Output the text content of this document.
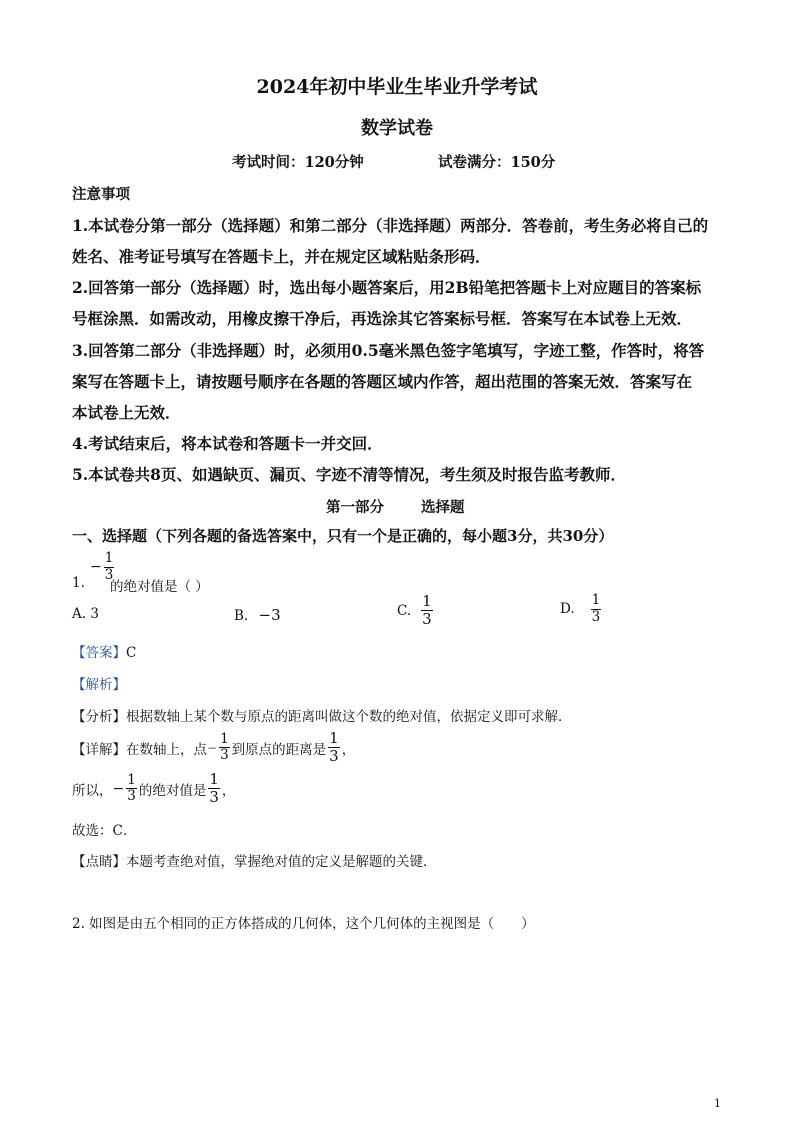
2024年初中毕业生毕业升学考试
数学试卷
考试时间：120分钟	试卷满分：150分
注意事项
1.本试卷分第一部分（选择题）和第二部分（非选择题）两部分．答卷前，考生务必将自己的
姓名、准考证号填写在答题卡上，并在规定区域粘贴条形码．
2.回答第一部分（选择题）时，选出每小题答案后，用2B铅笔把答题卡上对应题目的答案标
号框涂黑．如需改动，用橡皮擦干净后，再选涂其它答案标号框．答案写在本试卷上无效．
3.回答第二部分（非选择题）时，必须用0.5毫米黑色签字笔填写，字迹工整，作答时，将答
案写在答题卡上，请按题号顺序在各题的答题区域内作答，超出范围的答案无效．答案写在
本试卷上无效．
4.考试结束后，将本试卷和答题卡一并交回．
5.本试卷共8页、如遇缺页、漏页、字迹不清等情况，考生须及时报告监考教师．
第一部分	选择题
一、选择题（下列各题的备选答案中，只有一个是正确的，每小题3分，共30分）
1.
− $\frac{1}{3}$
的绝对值是（ ）
A. 3	B. −3	C. $\frac{1}{3}$	D. $\frac{1}{3}$
【答案】C
【解析】
【分析】根据数轴上某个数与原点的距离叫做这个数的绝对值，依据定义即可求解．
【详解】 在数轴上，点 − $\frac{1}{3}$ 到原点的距离是 $\frac{1}{3}$ ，
所以， − $\frac{1}{3}$ 的绝对值是 $\frac{1}{3}$ ，
故选：C．
【点睛】本题考查绝对值，掌握绝对值的定义是解题的关键．
2. 如图是由五个相同的正方体搭成的几何体，这个几何体的主视图是（　　）
1
